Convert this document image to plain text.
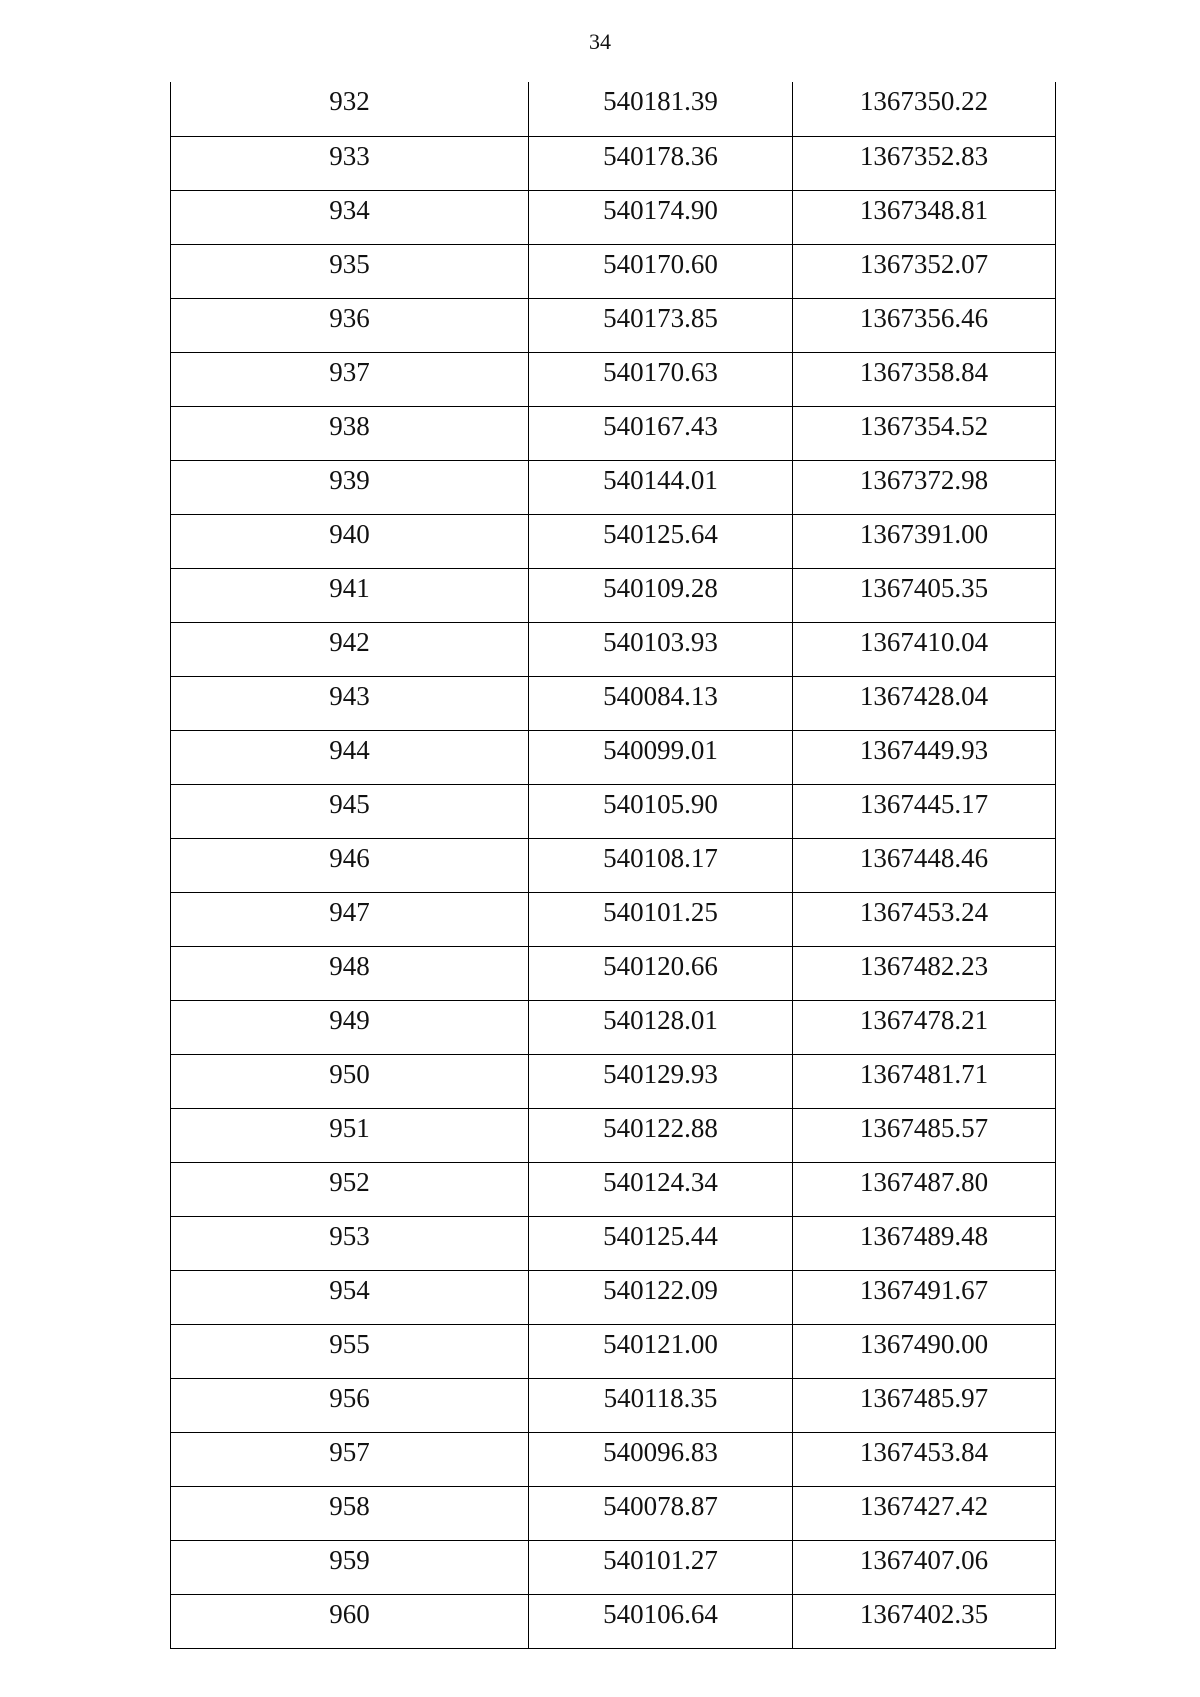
34
932	540181.39	1367350.22
933	540178.36	1367352.83
934	540174.90	1367348.81
935	540170.60	1367352.07
936	540173.85	1367356.46
937	540170.63	1367358.84
938	540167.43	1367354.52
939	540144.01	1367372.98
940	540125.64	1367391.00
941	540109.28	1367405.35
942	540103.93	1367410.04
943	540084.13	1367428.04
944	540099.01	1367449.93
945	540105.90	1367445.17
946	540108.17	1367448.46
947	540101.25	1367453.24
948	540120.66	1367482.23
949	540128.01	1367478.21
950	540129.93	1367481.71
951	540122.88	1367485.57
952	540124.34	1367487.80
953	540125.44	1367489.48
954	540122.09	1367491.67
955	540121.00	1367490.00
956	540118.35	1367485.97
957	540096.83	1367453.84
958	540078.87	1367427.42
959	540101.27	1367407.06
960	540106.64	1367402.35
